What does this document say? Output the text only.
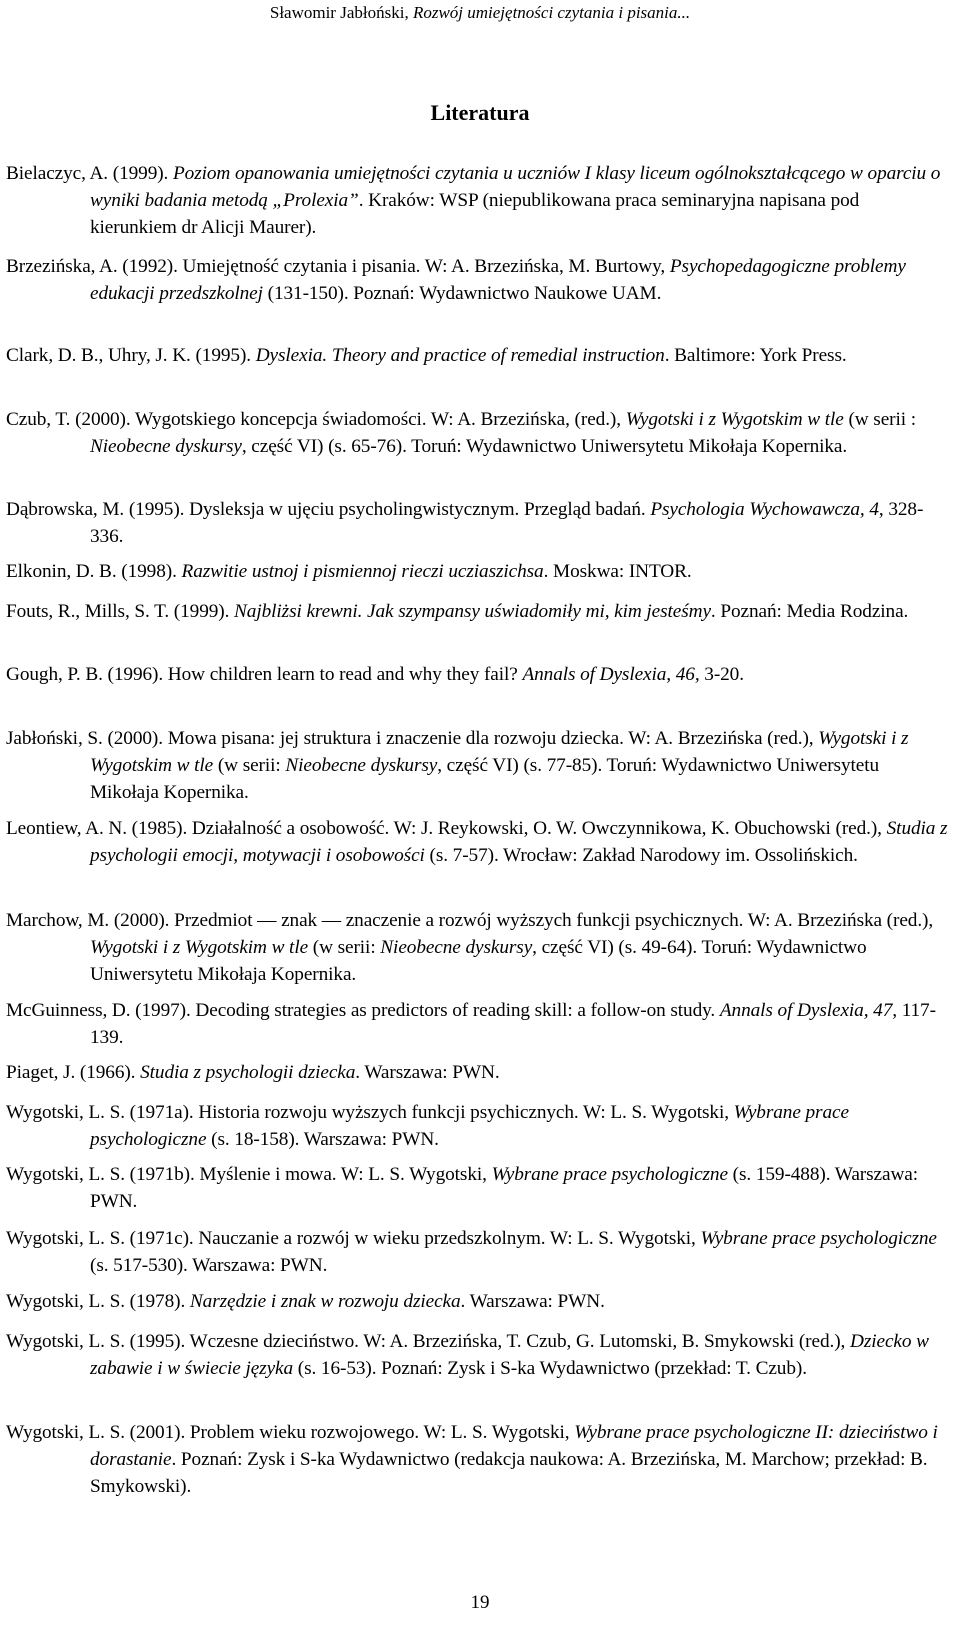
Sławomir Jabłoński, Rozwój umiejętności czytania i pisania...
Literatura
Bielaczyc, A. (1999). Poziom opanowania umiejętności czytania u uczniów I klasy liceum ogólnokształcącego w oparciu o wyniki badania metodą „Prolexia”. Kraków: WSP (niepublikowana praca seminaryjna napisana pod kierunkiem dr Alicji Maurer).
Brzezińska, A. (1992). Umiejętność czytania i pisania. W: A. Brzezińska, M. Burtowy, Psychopedagogiczne problemy edukacji przedszkolnej (131-150). Poznań: Wydawnictwo Naukowe UAM.
Clark, D. B., Uhry, J. K. (1995). Dyslexia. Theory and practice of remedial instruction. Baltimore: York Press.
Czub, T. (2000). Wygotskiego koncepcja świadomości. W: A. Brzezińska, (red.), Wygotski i z Wygotskim w tle (w serii : Nieobecne dyskursy, część VI) (s. 65-76). Toruń: Wydawnictwo Uniwersytetu Mikołaja Kopernika.
Dąbrowska, M. (1995). Dysleksja w ujęciu psycholingwistycznym. Przegląd badań. Psychologia Wychowawcza, 4, 328-336.
Elkonin, D. B. (1998). Razwitie ustnoj i pismiennoj rieczi ucziaszichsa. Moskwa: INTOR.
Fouts, R., Mills, S. T. (1999). Najbliżsi krewni. Jak szympansy uświadomiły mi, kim jesteśmy. Poznań: Media Rodzina.
Gough, P. B. (1996). How children learn to read and why they fail? Annals of Dyslexia, 46, 3-20.
Jabłoński, S. (2000). Mowa pisana: jej struktura i znaczenie dla rozwoju dziecka. W: A. Brzezińska (red.), Wygotski i z Wygotskim w tle (w serii: Nieobecne dyskursy, część VI) (s. 77-85). Toruń: Wydawnictwo Uniwersytetu Mikołaja Kopernika.
Leontiew, A. N. (1985). Działalność a osobowość. W: J. Reykowski, O. W. Owczynnikowa, K. Obuchowski (red.), Studia z psychologii emocji, motywacji i osobowości (s. 7-57). Wrocław: Zakład Narodowy im. Ossolińskich.
Marchow, M. (2000). Przedmiot — znak — znaczenie a rozwój wyższych funkcji psychicznych. W: A. Brzezińska (red.), Wygotski i z Wygotskim w tle (w serii: Nieobecne dyskursy, część VI) (s. 49-64). Toruń: Wydawnictwo Uniwersytetu Mikołaja Kopernika.
McGuinness, D. (1997). Decoding strategies as predictors of reading skill: a follow-on study. Annals of Dyslexia, 47, 117-139.
Piaget, J. (1966). Studia z psychologii dziecka. Warszawa: PWN.
Wygotski, L. S. (1971a). Historia rozwoju wyższych funkcji psychicznych. W: L. S. Wygotski, Wybrane prace psychologiczne (s. 18-158). Warszawa: PWN.
Wygotski, L. S. (1971b). Myślenie i mowa. W: L. S. Wygotski, Wybrane prace psychologiczne (s. 159-488). Warszawa: PWN.
Wygotski, L. S. (1971c). Nauczanie a rozwój w wieku przedszkolnym. W: L. S. Wygotski, Wybrane prace psychologiczne (s. 517-530). Warszawa: PWN.
Wygotski, L. S. (1978). Narzędzie i znak w rozwoju dziecka. Warszawa: PWN.
Wygotski, L. S. (1995). Wczesne dzieciństwo. W: A. Brzezińska, T. Czub, G. Lutomski, B. Smykowski (red.), Dziecko w zabawie i w świecie języka (s. 16-53). Poznań: Zysk i S-ka Wydawnictwo (przekład: T. Czub).
Wygotski, L. S. (2001). Problem wieku rozwojowego. W: L. S. Wygotski, Wybrane prace psychologiczne II: dzieciństwo i dorastanie. Poznań: Zysk i S-ka Wydawnictwo (redakcja naukowa: A. Brzezińska, M. Marchow; przekład: B. Smykowski).
19
